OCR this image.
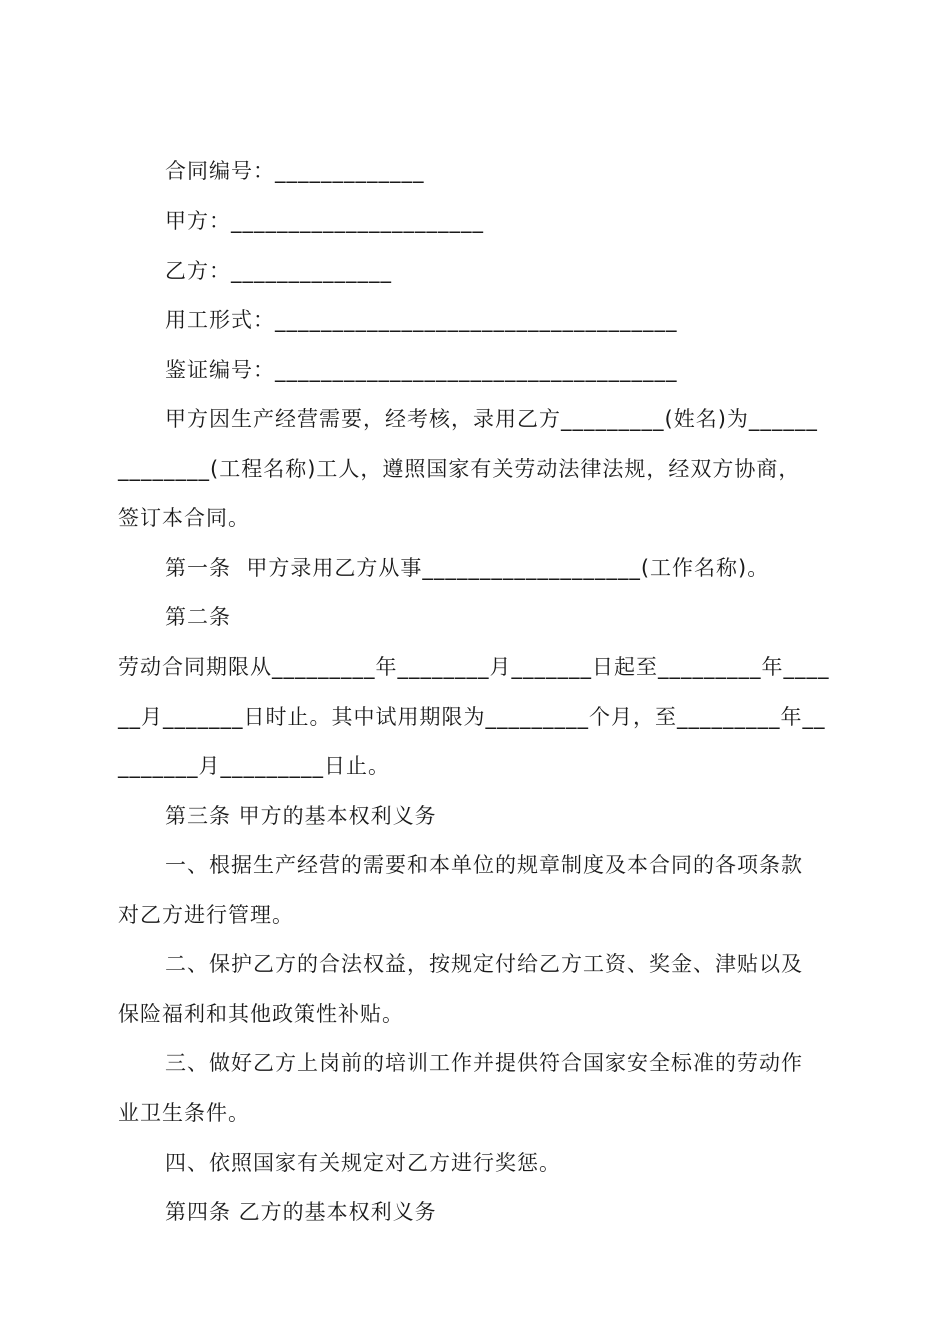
合同编号：_____________
甲方：______________________
乙方：______________
用工形式：___________________________________
鉴证编号：___________________________________
甲方因生产经营需要，经考核，录用乙方_________(姓名)为______
________(工程名称)工人，遵照国家有关劳动法律法规，经双方协商，
签订本合同。
第一条  甲方录用乙方从事___________________(工作名称)。
第二条
劳动合同期限从_________年________月_______日起至_________年____
__月_______日时止。其中试用期限为_________个月，至_________年__
_______月_________日止。
第三条 甲方的基本权利义务
一、根据生产经营的需要和本单位的规章制度及本合同的各项条款
对乙方进行管理。
二、保护乙方的合法权益，按规定付给乙方工资、奖金、津贴以及
保险福利和其他政策性补贴。
三、做好乙方上岗前的培训工作并提供符合国家安全标准的劳动作
业卫生条件。
四、依照国家有关规定对乙方进行奖惩。
第四条 乙方的基本权利义务
